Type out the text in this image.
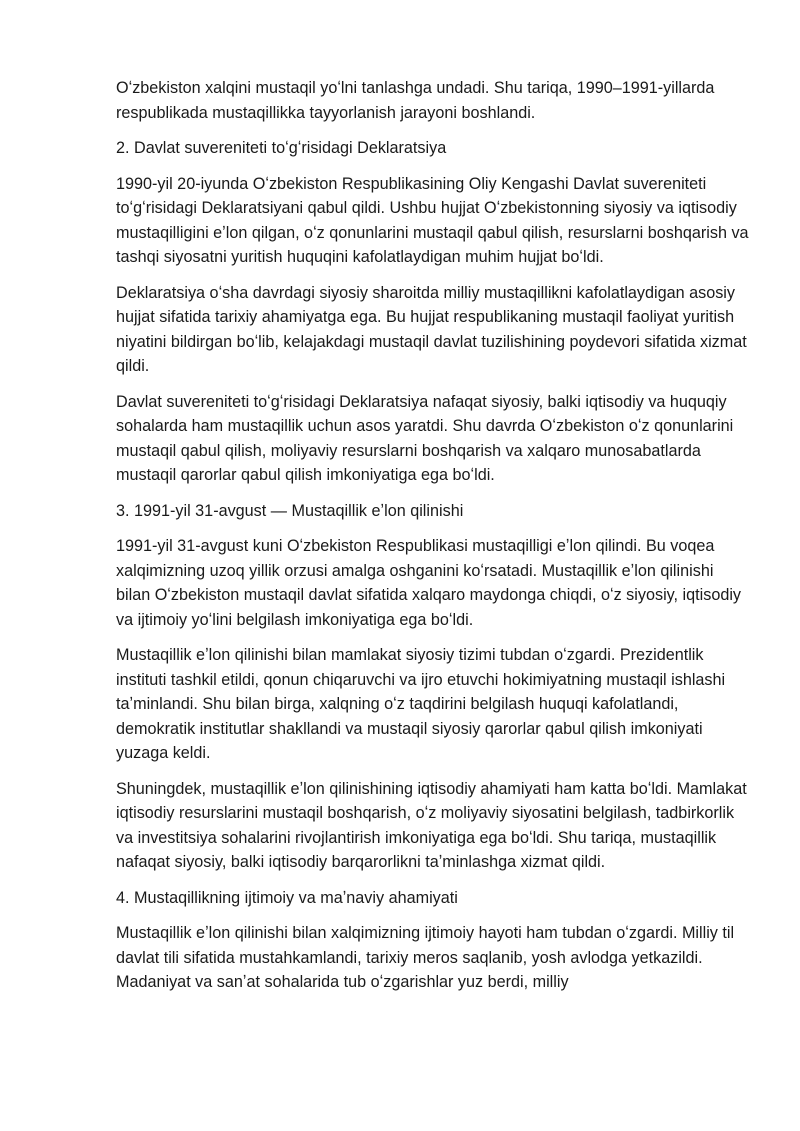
Oʻzbekiston xalqini mustaqil yoʻlni tanlashga undadi. Shu tariqa, 1990–1991-yillarda respublikada mustaqillikka tayyorlanish jarayoni boshlandi.

2. Davlat suvereniteti toʻgʻrisidagi Deklaratsiya

1990-yil 20-iyunda Oʻzbekiston Respublikasining Oliy Kengashi Davlat suvereniteti toʻgʻrisidagi Deklaratsiyani qabul qildi. Ushbu hujjat Oʻzbekistonning siyosiy va iqtisodiy mustaqilligini eʼlon qilgan, oʻz qonunlarini mustaqil qabul qilish, resurslarni boshqarish va tashqi siyosatni yuritish huquqini kafolatlaydigan muhim hujjat boʻldi.

Deklaratsiya oʻsha davrdagi siyosiy sharoitda milliy mustaqillikni kafolatlaydigan asosiy hujjat sifatida tarixiy ahamiyatga ega. Bu hujjat respublikaning mustaqil faoliyat yuritish niyatini bildirgan boʻlib, kelajakdagi mustaqil davlat tuzilishining poydevori sifatida xizmat qildi.

Davlat suvereniteti toʻgʻrisidagi Deklaratsiya nafaqat siyosiy, balki iqtisodiy va huquqiy sohalarda ham mustaqillik uchun asos yaratdi. Shu davrda Oʻzbekiston oʻz qonunlarini mustaqil qabul qilish, moliyaviy resurslarni boshqarish va xalqaro munosabatlarda mustaqil qarorlar qabul qilish imkoniyatiga ega boʻldi.

3. 1991-yil 31-avgust — Mustaqillik eʼlon qilinishi

1991-yil 31-avgust kuni Oʻzbekiston Respublikasi mustaqilligi eʼlon qilindi. Bu voqea xalqimizning uzoq yillik orzusi amalga oshganini koʻrsatadi. Mustaqillik eʼlon qilinishi bilan Oʻzbekiston mustaqil davlat sifatida xalqaro maydonga chiqdi, oʻz siyosiy, iqtisodiy va ijtimoiy yoʻlini belgilash imkoniyatiga ega boʻldi.

Mustaqillik eʼlon qilinishi bilan mamlakat siyosiy tizimi tubdan oʻzgardi. Prezidentlik instituti tashkil etildi, qonun chiqaruvchi va ijro etuvchi hokimiyatning mustaqil ishlashi taʼminlandi. Shu bilan birga, xalqning oʻz taqdirini belgilash huquqi kafolatlandi, demokratik institutlar shakllandi va mustaqil siyosiy qarorlar qabul qilish imkoniyati yuzaga keldi.

Shuningdek, mustaqillik eʼlon qilinishining iqtisodiy ahamiyati ham katta boʻldi. Mamlakat iqtisodiy resurslarini mustaqil boshqarish, oʻz moliyaviy siyosatini belgilash, tadbirkorlik va investitsiya sohalarini rivojlantirish imkoniyatiga ega boʻldi. Shu tariqa, mustaqillik nafaqat siyosiy, balki iqtisodiy barqarorlikni taʼminlashga xizmat qildi.

4. Mustaqillikning ijtimoiy va maʼnaviy ahamiyati

Mustaqillik eʼlon qilinishi bilan xalqimizning ijtimoiy hayoti ham tubdan oʻzgardi. Milliy til davlat tili sifatida mustahkamlandi, tarixiy meros saqlanib, yosh avlodga yetkazildi. Madaniyat va sanʼat sohalarida tub oʻzgarishlar yuz berdi, milliy
